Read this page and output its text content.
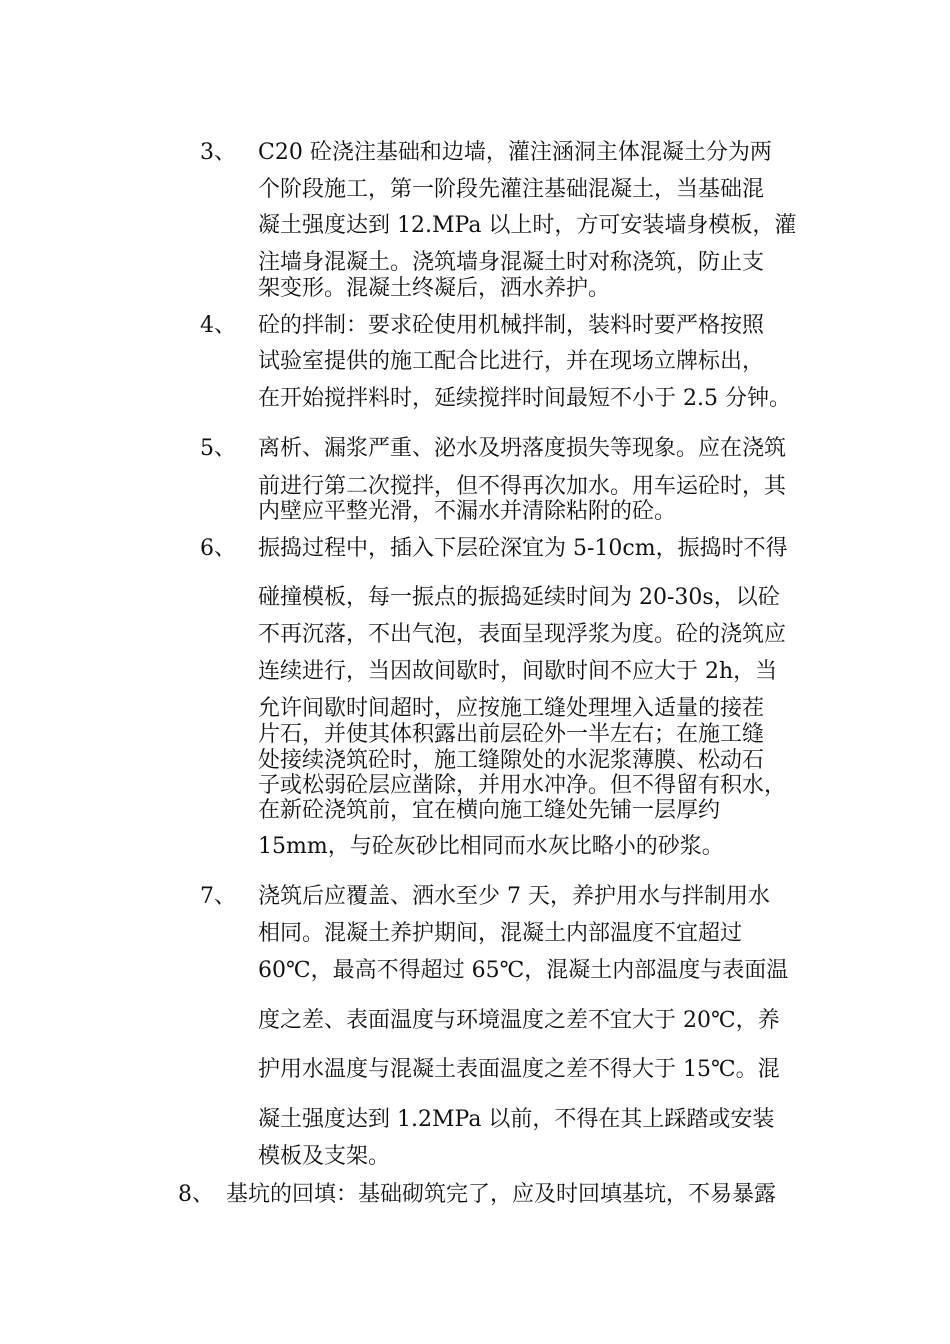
3、 C20 砼浇注基础和边墙，灌注涵洞主体混凝土分为两
个阶段施工，第一阶段先灌注基础混凝土，当基础混
凝土强度达到 12.MPa 以上时，方可安装墙身模板，灌
注墙身混凝土。浇筑墙身混凝土时对称浇筑，防止支
架变形。混凝土终凝后，洒水养护。
4、 砼的拌制：要求砼使用机械拌制，装料时要严格按照
试验室提供的施工配合比进行，并在现场立牌标出，
在开始搅拌料时，延续搅拌时间最短不小于 2.5 分钟。
5、 离析、漏浆严重、泌水及坍落度损失等现象。应在浇筑
前进行第二次搅拌，但不得再次加水。用车运砼时，其
内壁应平整光滑，不漏水并清除粘附的砼。
6、 振捣过程中，插入下层砼深宜为 5-10cm，振捣时不得
碰撞模板，每一振点的振捣延续时间为 20-30s，以砼
不再沉落，不出气泡，表面呈现浮浆为度。砼的浇筑应
连续进行，当因故间歇时，间歇时间不应大于 2h，当
允许间歇时间超时，应按施工缝处理埋入适量的接茬
片石，并使其体积露出前层砼外一半左右；在施工缝
处接续浇筑砼时，施工缝隙处的水泥浆薄膜、松动石
子或松弱砼层应凿除，并用水冲净。但不得留有积水，
在新砼浇筑前，宜在横向施工缝处先铺一层厚约
15mm，与砼灰砂比相同而水灰比略小的砂浆。
7、 浇筑后应覆盖、洒水至少 7 天，养护用水与拌制用水
相同。混凝土养护期间，混凝土内部温度不宜超过
60℃，最高不得超过 65℃，混凝土内部温度与表面温
度之差、表面温度与环境温度之差不宜大于 20℃，养
护用水温度与混凝土表面温度之差不得大于 15℃。混
凝土强度达到 1.2MPa 以前，不得在其上踩踏或安装
模板及支架。
8、 基坑的回填：基础砌筑完了，应及时回填基坑，不易暴露
